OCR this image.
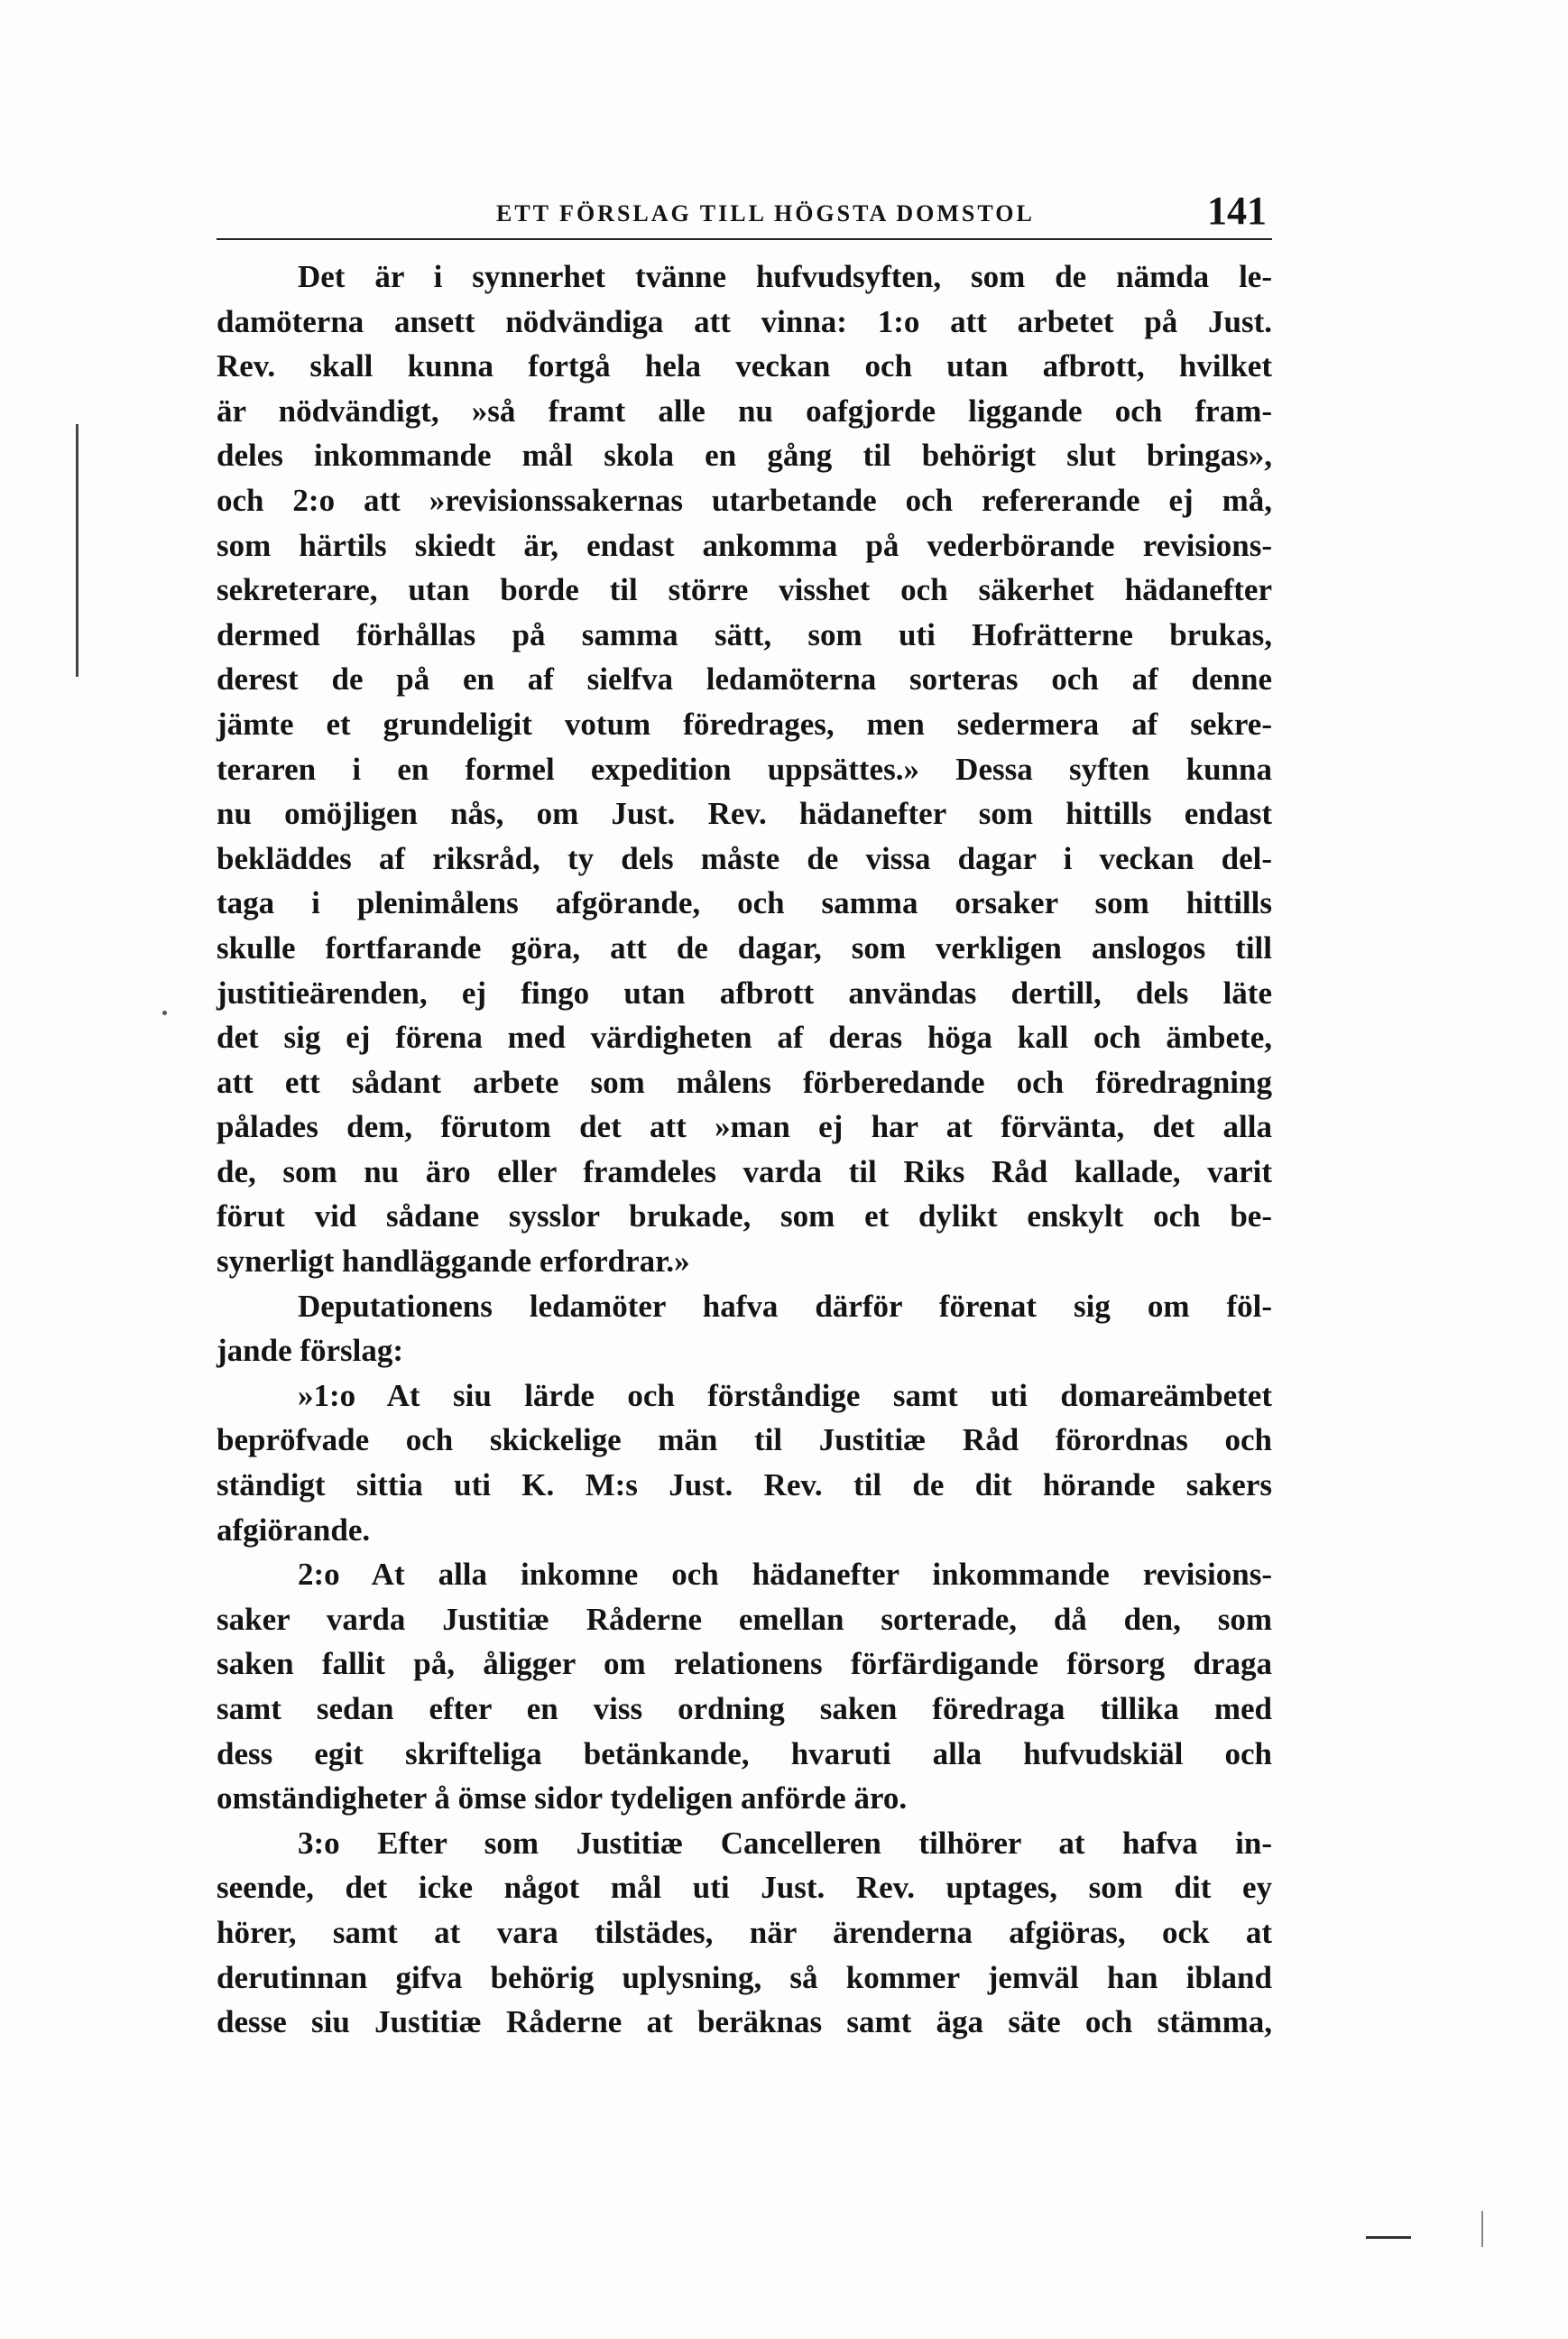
ETT FÖRSLAG TILL HÖGSTA DOMSTOL	141
Det är i synnerhet tvänne hufvudsyften, som de nämda le-
damöterna ansett nödvändiga att vinna: 1:o att arbetet på Just.
Rev. skall kunna fortgå hela veckan och utan afbrott, hvilket
är nödvändigt, »så framt alle nu oafgjorde liggande och fram-
deles inkommande mål skola en gång til behörigt slut bringas»,
och 2:o att »revisionssakernas utarbetande och refererande ej må,
som härtils skiedt är, endast ankomma på vederbörande revisions-
sekreterare, utan borde til större visshet och säkerhet hädanefter
dermed förhållas på samma sätt, som uti Hofrätterne brukas,
derest de på en af sielfva ledamöterna sorteras och af denne
jämte et grundeligit votum föredrages, men sedermera af sekre-
teraren i en formel expedition uppsättes.» Dessa syften kunna
nu omöjligen nås, om Just. Rev. hädanefter som hittills endast
bekläddes af riksråd, ty dels måste de vissa dagar i veckan del-
taga i plenimålens afgörande, och samma orsaker som hittills
skulle fortfarande göra, att de dagar, som verkligen anslogos till
justitieärenden, ej fingo utan afbrott användas dertill, dels läte
det sig ej förena med värdigheten af deras höga kall och ämbete,
att ett sådant arbete som målens förberedande och föredragning
pålades dem, förutom det att »man ej har at förvänta, det alla
de, som nu äro eller framdeles varda til Riks Råd kallade, varit
förut vid sådane sysslor brukade, som et dylikt enskylt och be-
synerligt handläggande erfordrar.»
Deputationens ledamöter hafva därför förenat sig om föl-
jande förslag:
»1:o At siu lärde och förståndige samt uti domareämbetet
bepröfvade och skickelige män til Justitiæ Råd förordnas och
ständigt sittia uti K. M:s Just. Rev. til de dit hörande sakers
afgiörande.
2:o At alla inkomne och hädanefter inkommande revisions-
saker varda Justitiæ Råderne emellan sorterade, då den, som
saken fallit på, åligger om relationens förfärdigande försorg draga
samt sedan efter en viss ordning saken föredraga tillika med
dess egit skrifteliga betänkande, hvaruti alla hufvudskiäl och
omständigheter å ömse sidor tydeligen anförde äro.
3:o Efter som Justitiæ Cancelleren tilhörer at hafva in-
seende, det icke något mål uti Just. Rev. uptages, som dit ey
hörer, samt at vara tilstädes, när ärenderna afgiöras, ock at
derutinnan gifva behörig uplysning, så kommer jemväl han ibland
desse siu Justitiæ Råderne at beräknas samt äga säte och stämma,
